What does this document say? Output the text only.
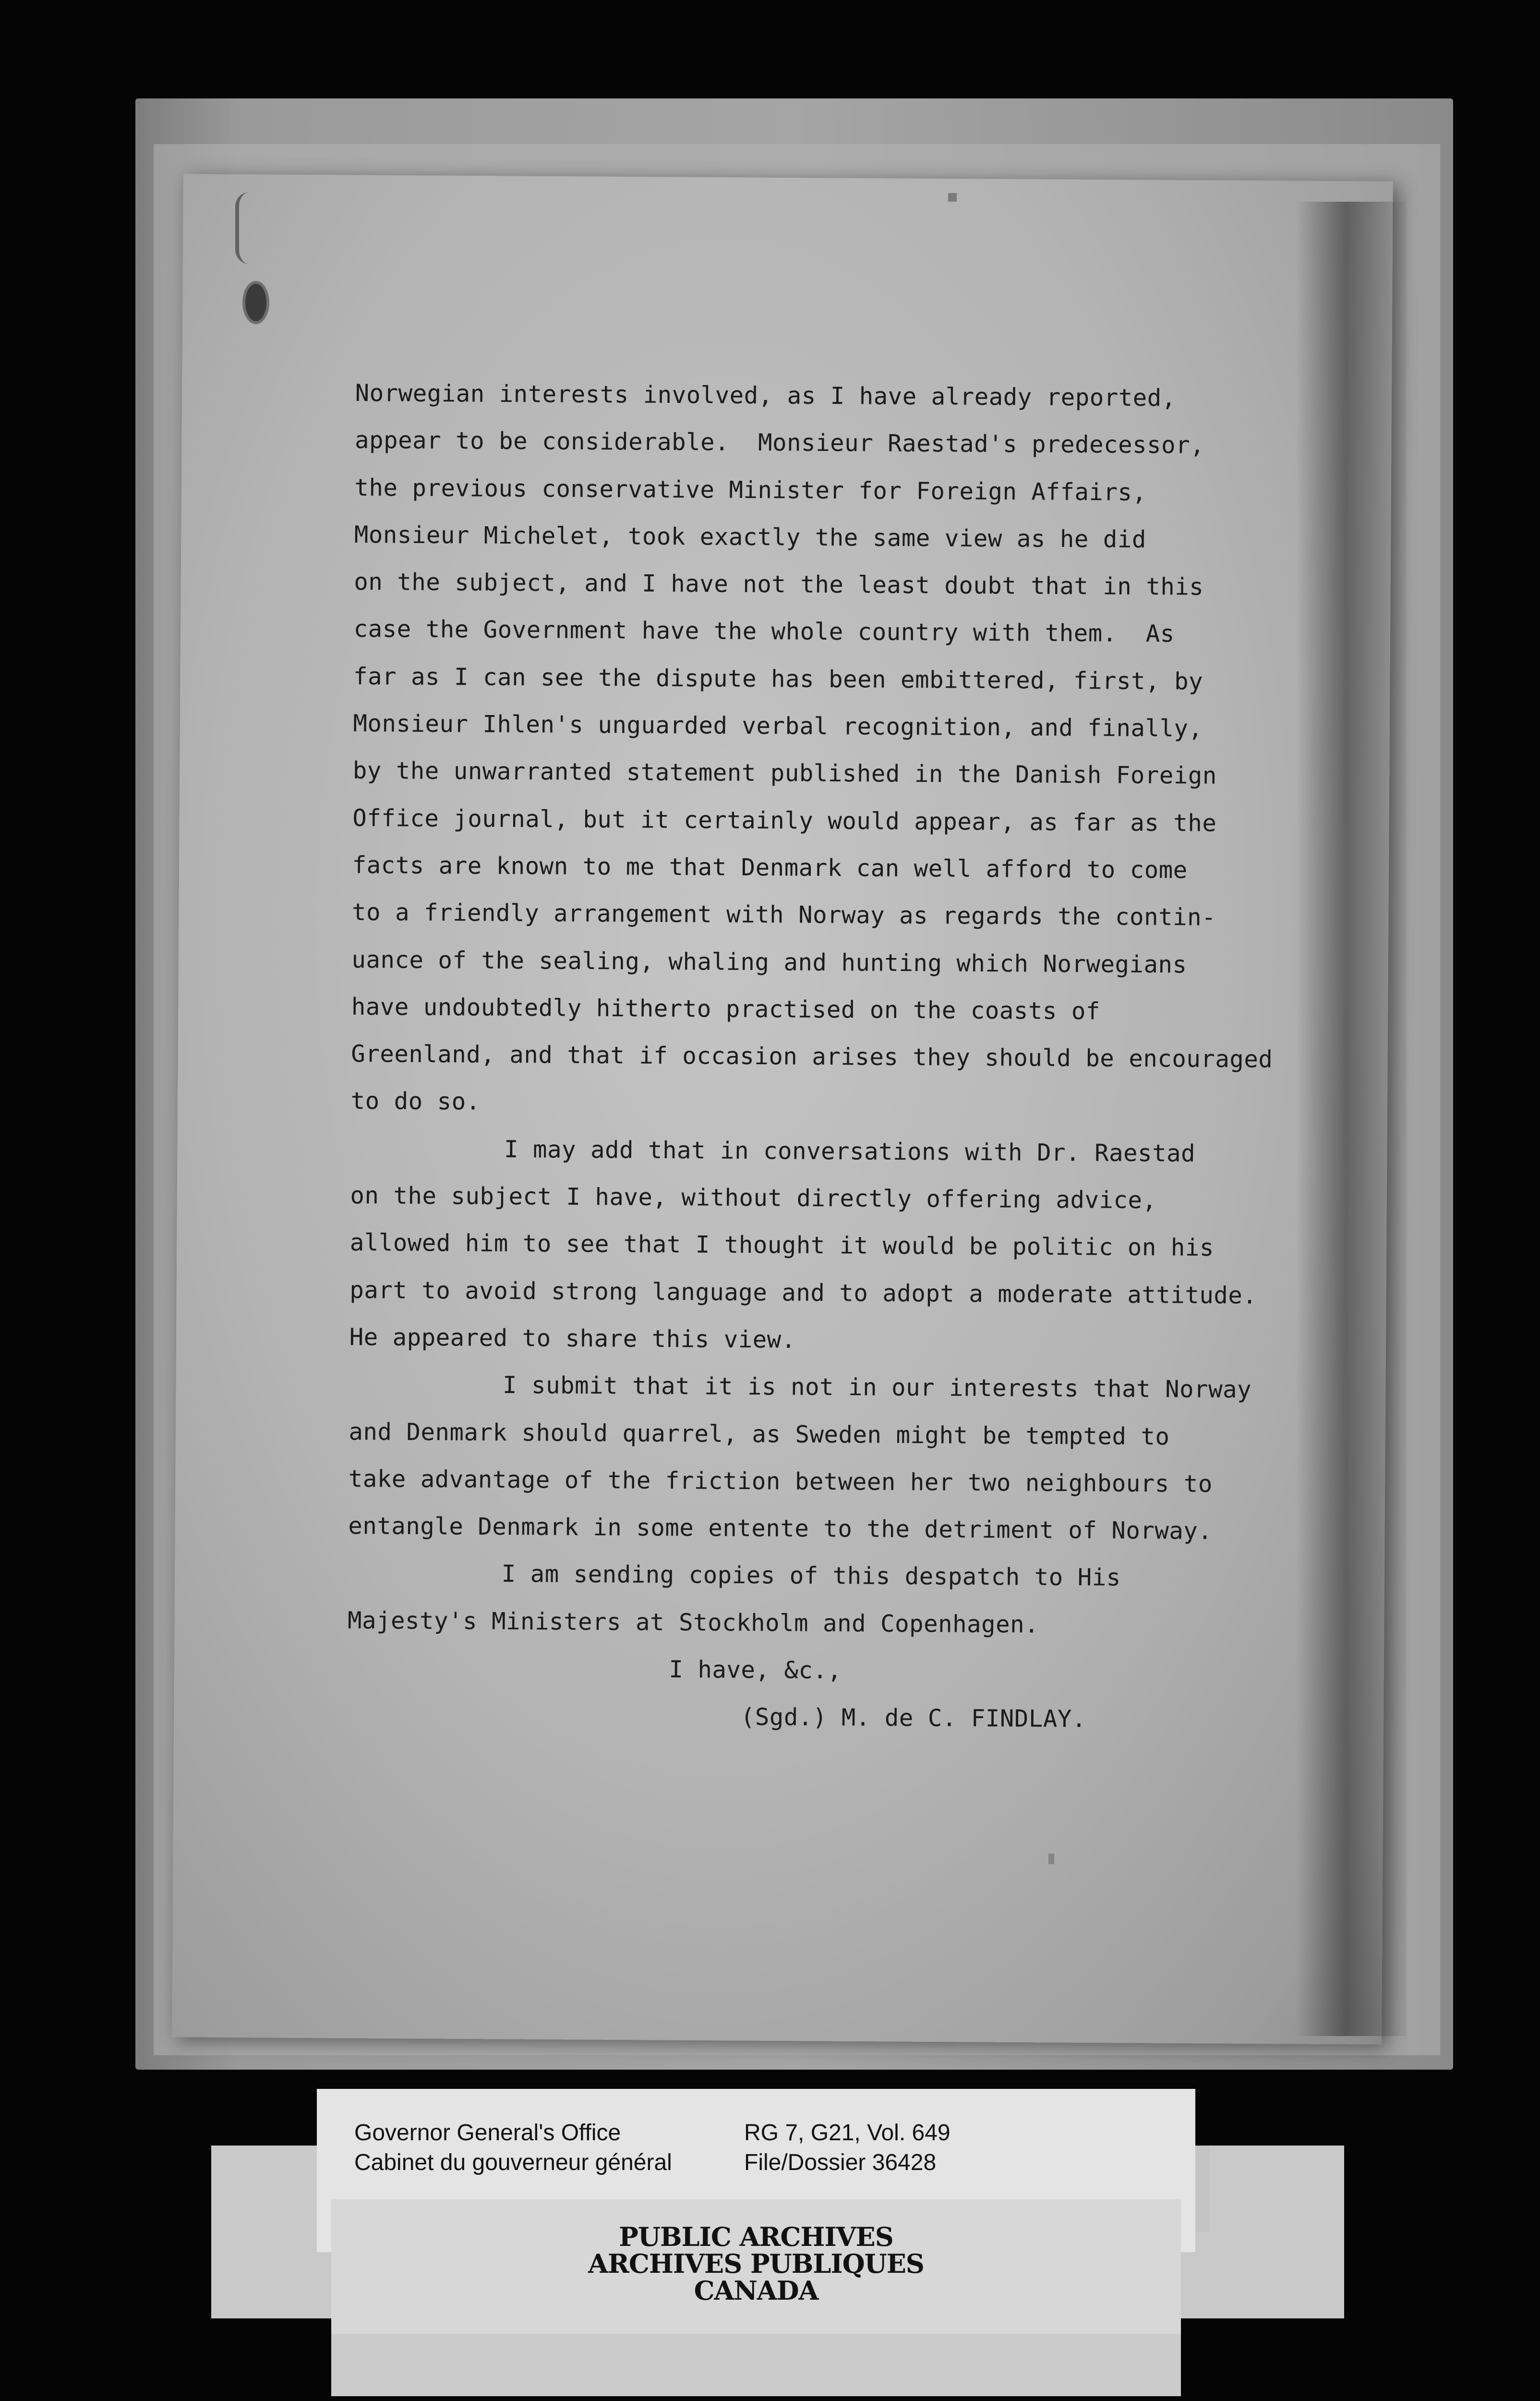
Norwegian interests involved, as I have already reported,
appear to be considerable.  Monsieur Raestad's predecessor,
the previous conservative Minister for Foreign Affairs,
Monsieur Michelet, took exactly the same view as he did
on the subject, and I have not the least doubt that in this
case the Government have the whole country with them.  As
far as I can see the dispute has been embittered, first, by
Monsieur Ihlen's unguarded verbal recognition, and finally,
by the unwarranted statement published in the Danish Foreign
Office journal, but it certainly would appear, as far as the
facts are known to me that Denmark can well afford to come
to a friendly arrangement with Norway as regards the contin-
uance of the sealing, whaling and hunting which Norwegians
have undoubtedly hitherto practised on the coasts of
Greenland, and that if occasion arises they should be encouraged
to do so.
I may add that in conversations with Dr. Raestad
on the subject I have, without directly offering advice,
allowed him to see that I thought it would be politic on his
part to avoid strong language and to adopt a moderate attitude.
He appeared to share this view.
I submit that it is not in our interests that Norway
and Denmark should quarrel, as Sweden might be tempted to
take advantage of the friction between her two neighbours to
entangle Denmark in some entente to the detriment of Norway.
I am sending copies of this despatch to His
Majesty's Ministers at Stockholm and Copenhagen.
I have, &c.,
(Sgd.) M. de C. FINDLAY.
Governor General's Office
Cabinet du gouverneur général
RG 7, G21, Vol. 649
File/Dossier 36428
PUBLIC ARCHIVES
ARCHIVES PUBLIQUES
CANADA
